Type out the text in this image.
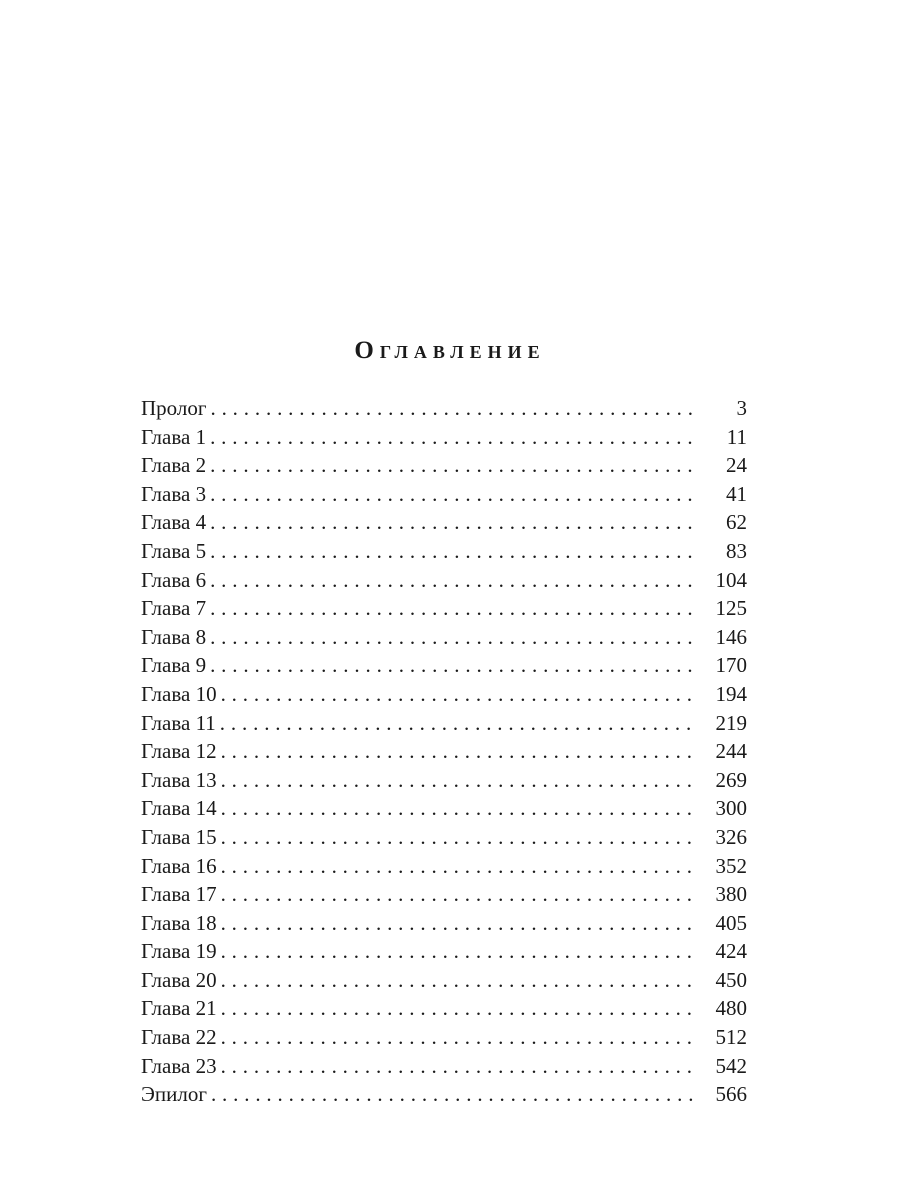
Оглавление
Пролог . . .	3
Глава 1 . . .	11
Глава 2 . . .	24
Глава 3 . . .	41
Глава 4 . . .	62
Глава 5 . . .	83
Глава 6 . . .	104
Глава 7 . . .	125
Глава 8 . . .	146
Глава 9 . . .	170
Глава 10 . . .	194
Глава 11 . . .	219
Глава 12 . . .	244
Глава 13 . . .	269
Глава 14 . . .	300
Глава 15 . . .	326
Глава 16 . . .	352
Глава 17 . . .	380
Глава 18 . . .	405
Глава 19 . . .	424
Глава 20 . . .	450
Глава 21 . . .	480
Глава 22 . . .	512
Глава 23 . . .	542
Эпилог . . .	566
